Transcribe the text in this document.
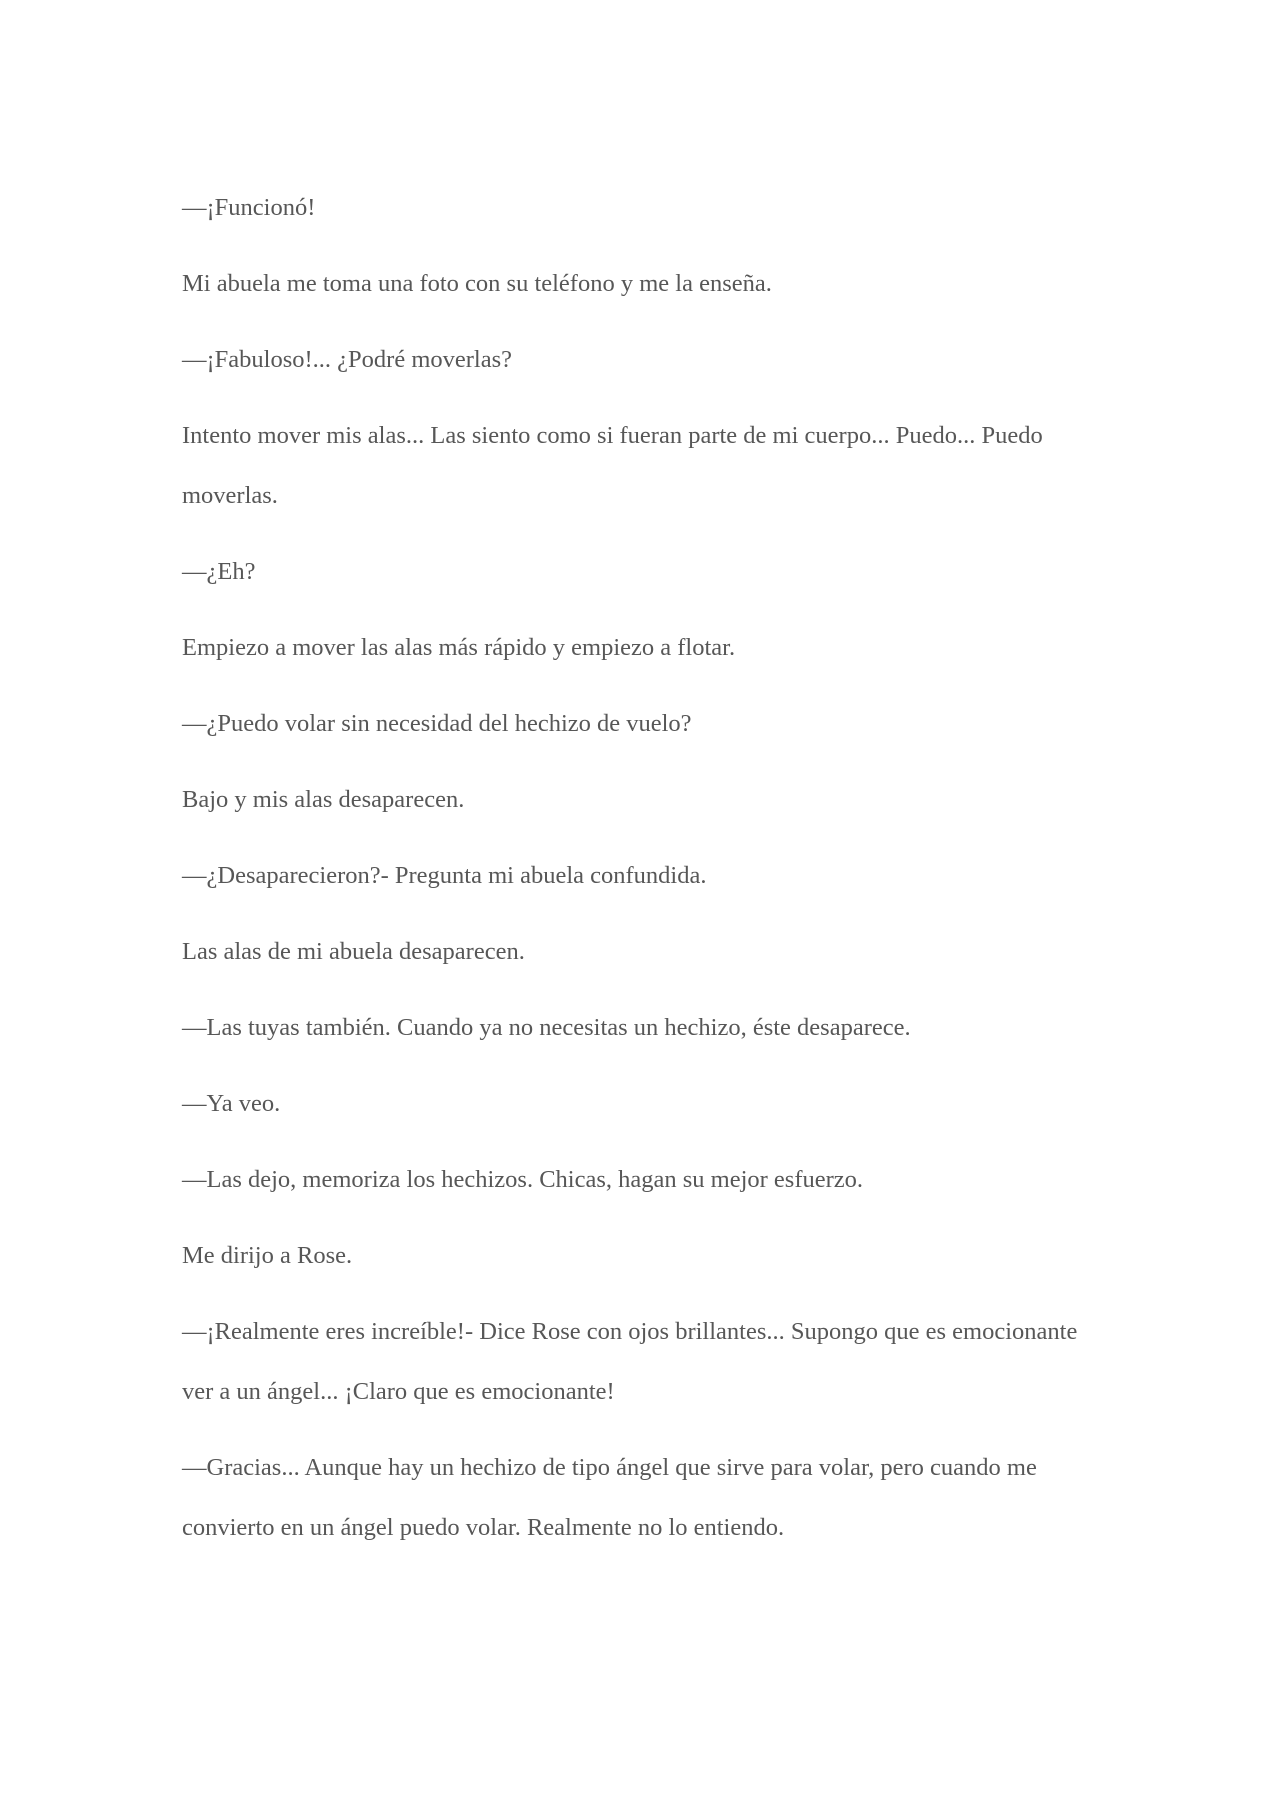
—¡Funcionó!

Mi abuela me toma una foto con su teléfono y me la enseña.

—¡Fabuloso!... ¿Podré moverlas?

Intento mover mis alas... Las siento como si fueran parte de mi cuerpo... Puedo... Puedo moverlas.

—¿Eh?

Empiezo a mover las alas más rápido y empiezo a flotar.

—¿Puedo volar sin necesidad del hechizo de vuelo?

Bajo y mis alas desaparecen.

—¿Desaparecieron?- Pregunta mi abuela confundida.

Las alas de mi abuela desaparecen.

—Las tuyas también. Cuando ya no necesitas un hechizo, éste desaparece.

—Ya veo.

—Las dejo, memoriza los hechizos. Chicas, hagan su mejor esfuerzo.

Me dirijo a Rose.

—¡Realmente eres increíble!- Dice Rose con ojos brillantes... Supongo que es emocionante ver a un ángel... ¡Claro que es emocionante!

—Gracias... Aunque hay un hechizo de tipo ángel que sirve para volar, pero cuando me convierto en un ángel puedo volar. Realmente no lo entiendo.
